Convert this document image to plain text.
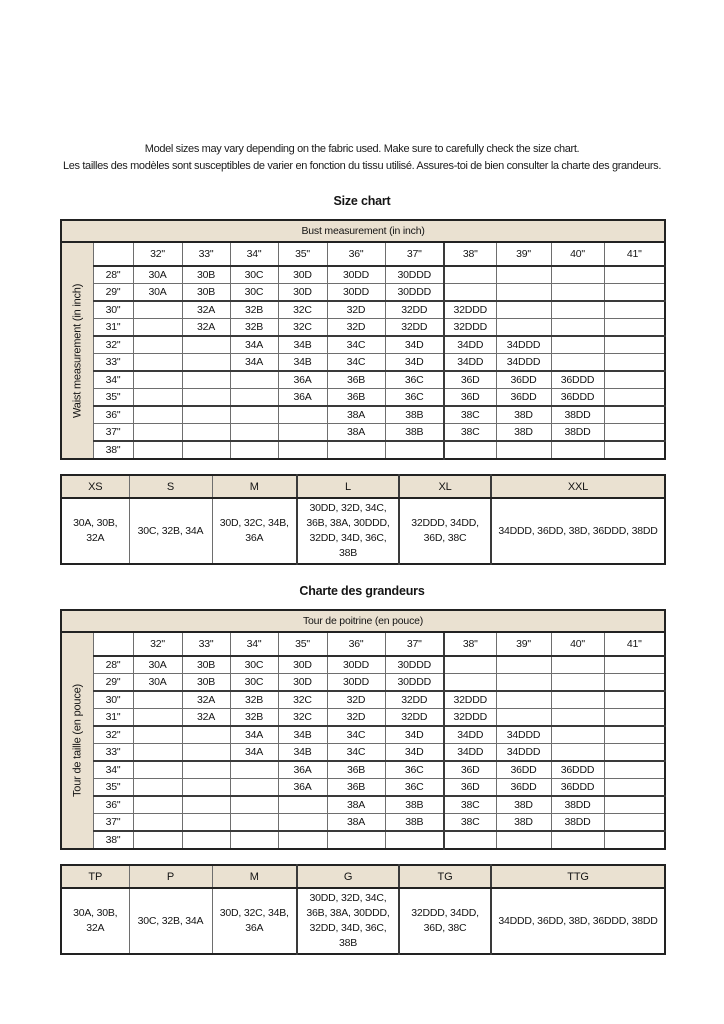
Model sizes may vary depending on the fabric used. Make sure to carefully check the size chart.

Les tailles des modèles sont susceptibles de varier en fonction du tissu utilisé. Assures-toi de bien consulter la charte des grandeurs.

Size chart
Bust measurement (in inch)											

Waist measurement (in inch)		32"	33"	34"	35"	36"	37"	38"	39"	40"	41"
	28"	30A	30B	30C	30D	30DD	30DDD				
	29"	30A	30B	30C	30D	30DD	30DDD				
	30"		32A	32B	32C	32D	32DD	32DDD			
	31"		32A	32B	32C	32D	32DD	32DDD			
	32"			34A	34B	34C	34D	34DD	34DDD		
	33"			34A	34B	34C	34D	34DD	34DDD		
	34"				36A	36B	36C	36D	36DD	36DDD	
	35"				36A	36B	36C	36D	36DD	36DDD	
	36"					38A	38B	38C	38D	38DD	
	37"					38A	38B	38C	38D	38DD	
	38"										
XS	S	M	L	XL	XXL
30A, 30B, 32A	30C, 32B, 34A	30D, 32C, 34B, 36A	30DD, 32D, 34C, 36B, 38A, 30DDD, 32DD, 34D, 36C, 38B	32DDD, 34DD, 36D, 38C	34DDD, 36DD, 38D, 36DDD, 38DD
Charte des grandeurs
Tour de poitrine (en pouce)											

Tour de taille (en pouce)		32"	33"	34"	35"	36"	37"	38"	39"	40"	41"
	28"	30A	30B	30C	30D	30DD	30DDD				
	29"	30A	30B	30C	30D	30DD	30DDD				
	30"		32A	32B	32C	32D	32DD	32DDD			
	31"		32A	32B	32C	32D	32DD	32DDD			
	32"			34A	34B	34C	34D	34DD	34DDD		
	33"			34A	34B	34C	34D	34DD	34DDD		
	34"				36A	36B	36C	36D	36DD	36DDD	
	35"				36A	36B	36C	36D	36DD	36DDD	
	36"					38A	38B	38C	38D	38DD	
	37"					38A	38B	38C	38D	38DD	
	38"										
TP	P	M	G	TG	TTG
30A, 30B, 32A	30C, 32B, 34A	30D, 32C, 34B, 36A	30DD, 32D, 34C, 36B, 38A, 30DDD, 32DD, 34D, 36C, 38B	32DDD, 34DD, 36D, 38C	34DDD, 36DD, 38D, 36DDD, 38DD
